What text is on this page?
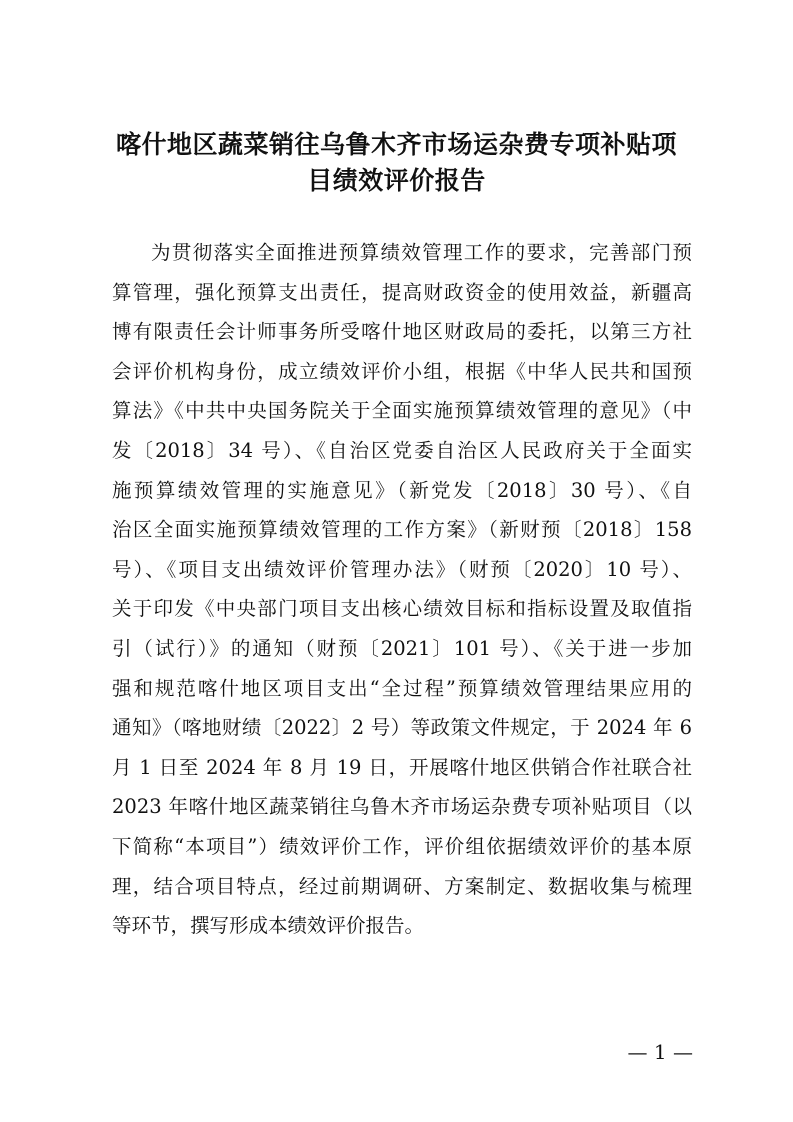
喀什地区蔬菜销往乌鲁木齐市场运杂费专项补贴项
目绩效评价报告
为贯彻落实全面推进预算绩效管理工作的要求，完善部门预
算管理，强化预算支出责任，提高财政资金的使用效益，新疆高
博有限责任会计师事务所受喀什地区财政局的委托，以第三方社
会评价机构身份，成立绩效评价小组，根据《中华人民共和国预
算法》《中共中央国务院关于全面实施预算绩效管理的意见》（中
发〔2018〕34 号）、《自治区党委自治区人民政府关于全面实
施预算绩效管理的实施意见》（新党发〔2018〕30 号）、《自
治区全面实施预算绩效管理的工作方案》（新财预〔2018〕158
号）、《项目支出绩效评价管理办法》（财预〔2020〕10 号）、
关于印发《中央部门项目支出核心绩效目标和指标设置及取值指
引（试行）》的通知（财预〔2021〕101 号）、《关于进一步加
强和规范喀什地区项目支出“全过程”预算绩效管理结果应用的
通知》（喀地财绩〔2022〕2 号）等政策文件规定，于 2024 年 6
月 1 日至 2024 年 8 月 19 日，开展喀什地区供销合作社联合社
2023 年喀什地区蔬菜销往乌鲁木齐市场运杂费专项补贴项目（以
下简称“本项目”）绩效评价工作，评价组依据绩效评价的基本原
理，结合项目特点，经过前期调研、方案制定、数据收集与梳理
等环节，撰写形成本绩效评价报告。
— 1 —
